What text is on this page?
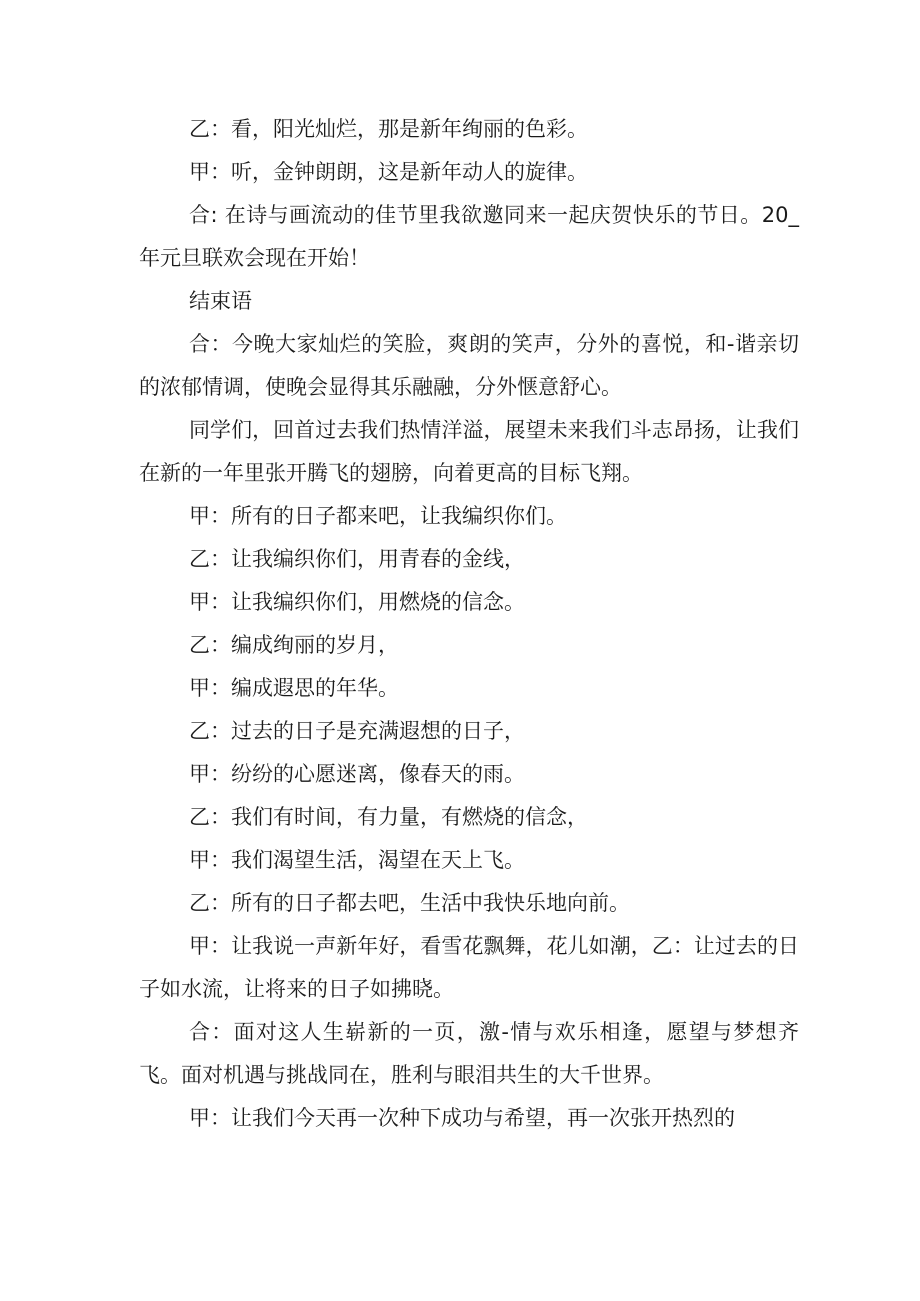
乙：看，阳光灿烂，那是新年绚丽的色彩。

甲：听，金钟朗朗，这是新年动人的旋律。

合: 在诗与画流动的佳节里我欲邀同来一起庆贺快乐的节日。20_年元旦联欢会现在开始！

结束语

合：今晚大家灿烂的笑脸，爽朗的笑声，分外的喜悦，和-谐亲切的浓郁情调，使晚会显得其乐融融，分外惬意舒心。

同学们，回首过去我们热情洋溢，展望未来我们斗志昂扬，让我们在新的一年里张开腾飞的翅膀，向着更高的目标飞翔。

甲：所有的日子都来吧，让我编织你们。

乙：让我编织你们，用青春的金线，

甲：让我编织你们，用燃烧的信念。

乙：编成绚丽的岁月，

甲：编成遐思的年华。

乙：过去的日子是充满遐想的日子，

甲：纷纷的心愿迷离，像春天的雨。

乙：我们有时间，有力量，有燃烧的信念，

甲：我们渴望生活，渴望在天上飞。

乙：所有的日子都去吧，生活中我快乐地向前。

甲：让我说一声新年好，看雪花飘舞，花儿如潮，乙：让过去的日子如水流，让将来的日子如拂晓。

合：面对这人生崭新的一页，激-情与欢乐相逢，愿望与梦想齐飞。面对机遇与挑战同在，胜利与眼泪共生的大千世界。

甲：让我们今天再一次种下成功与希望，再一次张开热烈的
